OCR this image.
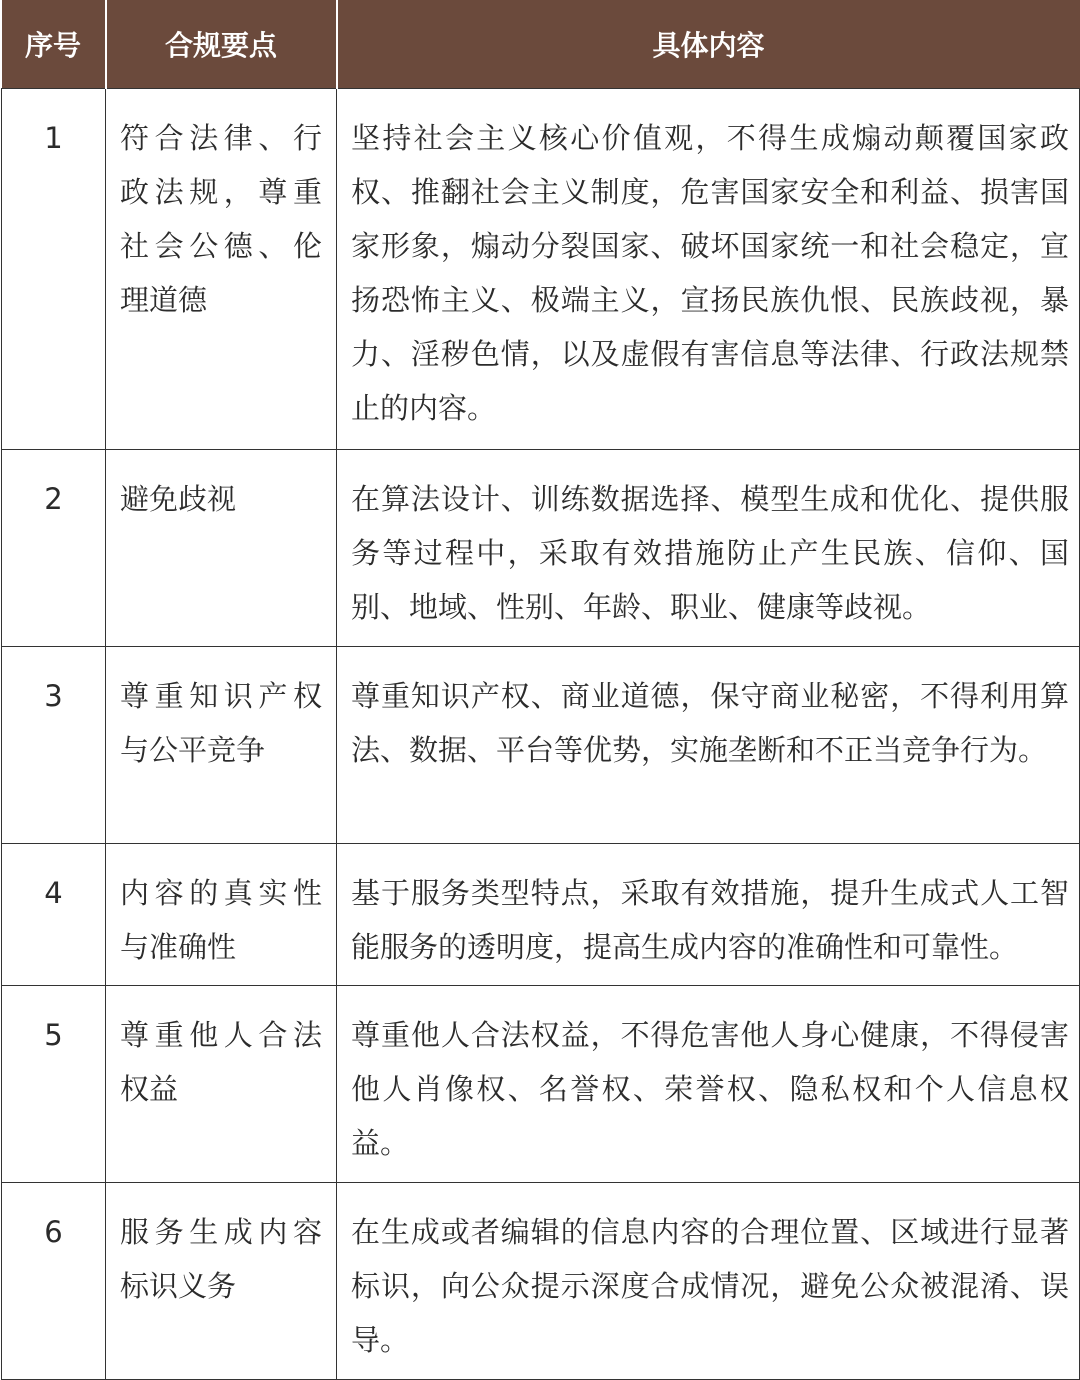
序号	合规要点	具体内容
1	符合法律、行政法规，尊重社会公德、伦理道德	坚持社会主义核心价值观，不得生成煽动颠覆国家政权、推翻社会主义制度，危害国家安全和利益、损害国家形象，煽动分裂国家、破坏国家统一和社会稳定，宣扬恐怖主义、极端主义，宣扬民族仇恨、民族歧视，暴力、淫秽色情，以及虚假有害信息等法律、行政法规禁止的内容。
2	避免歧视	在算法设计、训练数据选择、模型生成和优化、提供服务等过程中，采取有效措施防止产生民族、信仰、国别、地域、性别、年龄、职业、健康等歧视。
3	尊重知识产权与公平竞争	尊重知识产权、商业道德，保守商业秘密，不得利用算法、数据、平台等优势，实施垄断和不正当竞争行为。
4	内容的真实性与准确性	基于服务类型特点，采取有效措施，提升生成式人工智能服务的透明度，提高生成内容的准确性和可靠性。
5	尊重他人合法权益	尊重他人合法权益，不得危害他人身心健康，不得侵害他人肖像权、名誉权、荣誉权、隐私权和个人信息权益。
6	服务生成内容标识义务	在生成或者编辑的信息内容的合理位置、区域进行显著标识，向公众提示深度合成情况，避免公众被混淆、误导。
